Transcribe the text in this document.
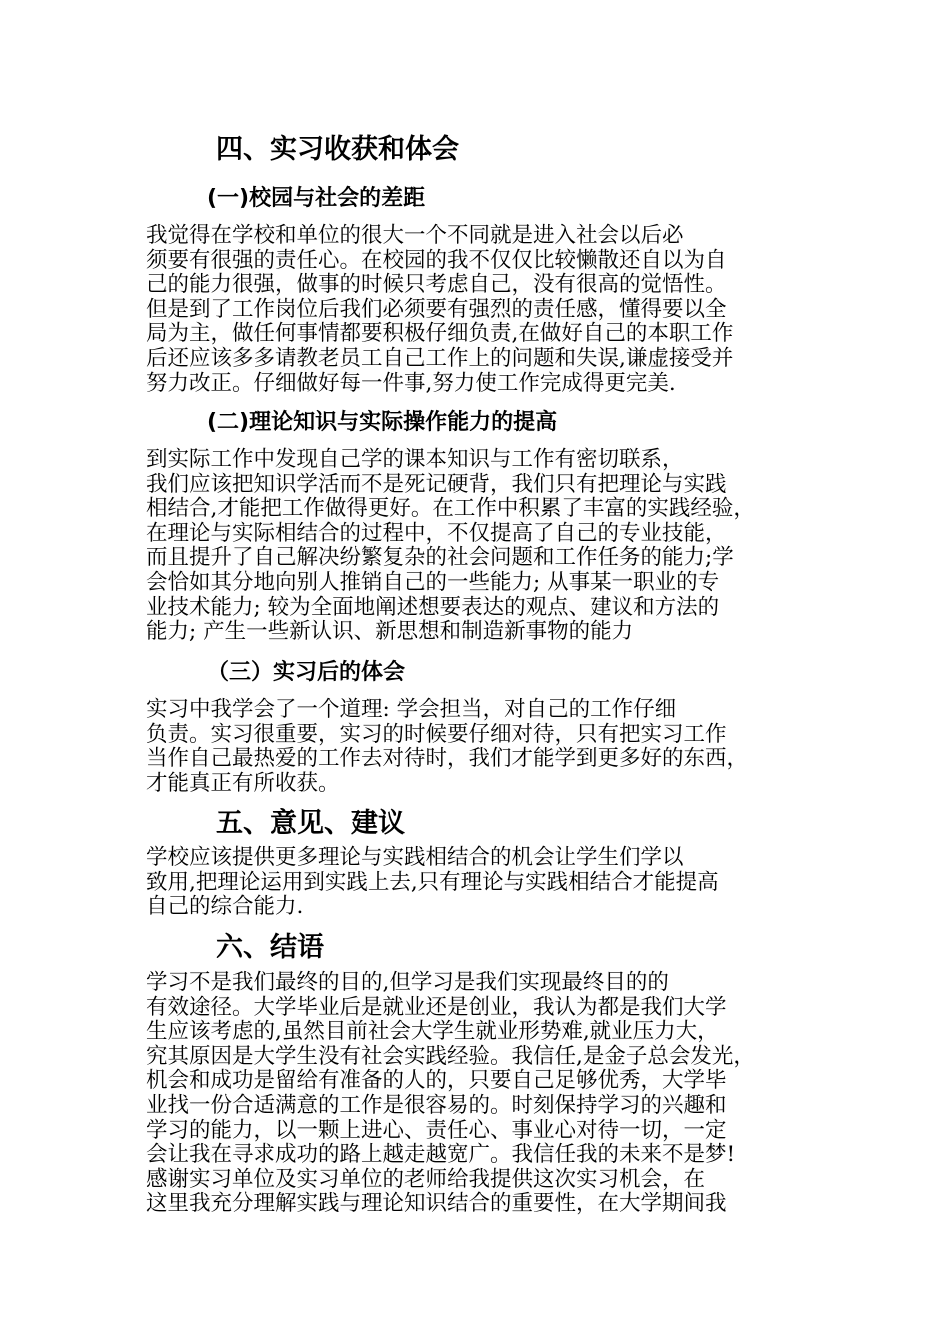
四、实习收获和体会
(一)校园与社会的差距
我觉得在学校和单位的很大一个不同就是进入社会以后必
须要有很强的责任心。在校园的我不仅仅比较懒散还自以为自
己的能力很强，做事的时候只考虑自己，没有很高的觉悟性。
但是到了工作岗位后我们必须要有强烈的责任感，懂得要以全
局为主，做任何事情都要积极仔细负责,在做好自己的本职工作
后还应该多多请教老员工自己工作上的问题和失误,谦虚接受并
努力改正。仔细做好每一件事,努力使工作完成得更完美.
(二)理论知识与实际操作能力的提高
到实际工作中发现自己学的课本知识与工作有密切联系，
我们应该把知识学活而不是死记硬背，我们只有把理论与实践
相结合,才能把工作做得更好。在工作中积累了丰富的实践经验，
在理论与实际相结合的过程中，不仅提高了自己的专业技能，
而且提升了自己解决纷繁复杂的社会问题和工作任务的能力;学
会恰如其分地向别人推销自己的一些能力; 从事某一职业的专
业技术能力; 较为全面地阐述想要表达的观点、建议和方法的
能力; 产生一些新认识、新思想和制造新事物的能力
（三）实习后的体会
实习中我学会了一个道理: 学会担当，对自己的工作仔细
负责。实习很重要，实习的时候要仔细对待，只有把实习工作
当作自己最热爱的工作去对待时，我们才能学到更多好的东西，
才能真正有所收获。
五、意见、建议
学校应该提供更多理论与实践相结合的机会让学生们学以
致用,把理论运用到实践上去,只有理论与实践相结合才能提高
自己的综合能力.
六、结语
学习不是我们最终的目的,但学习是我们实现最终目的的
有效途径。大学毕业后是就业还是创业，我认为都是我们大学
生应该考虑的,虽然目前社会大学生就业形势难,就业压力大，
究其原因是大学生没有社会实践经验。我信任,是金子总会发光，
机会和成功是留给有准备的人的，只要自己足够优秀，大学毕
业找一份合适满意的工作是很容易的。时刻保持学习的兴趣和
学习的能力，以一颗上进心、责任心、事业心对待一切，一定
会让我在寻求成功的路上越走越宽广。我信任我的未来不是梦!
感谢实习单位及实习单位的老师给我提供这次实习机会，在
这里我充分理解实践与理论知识结合的重要性，在大学期间我
